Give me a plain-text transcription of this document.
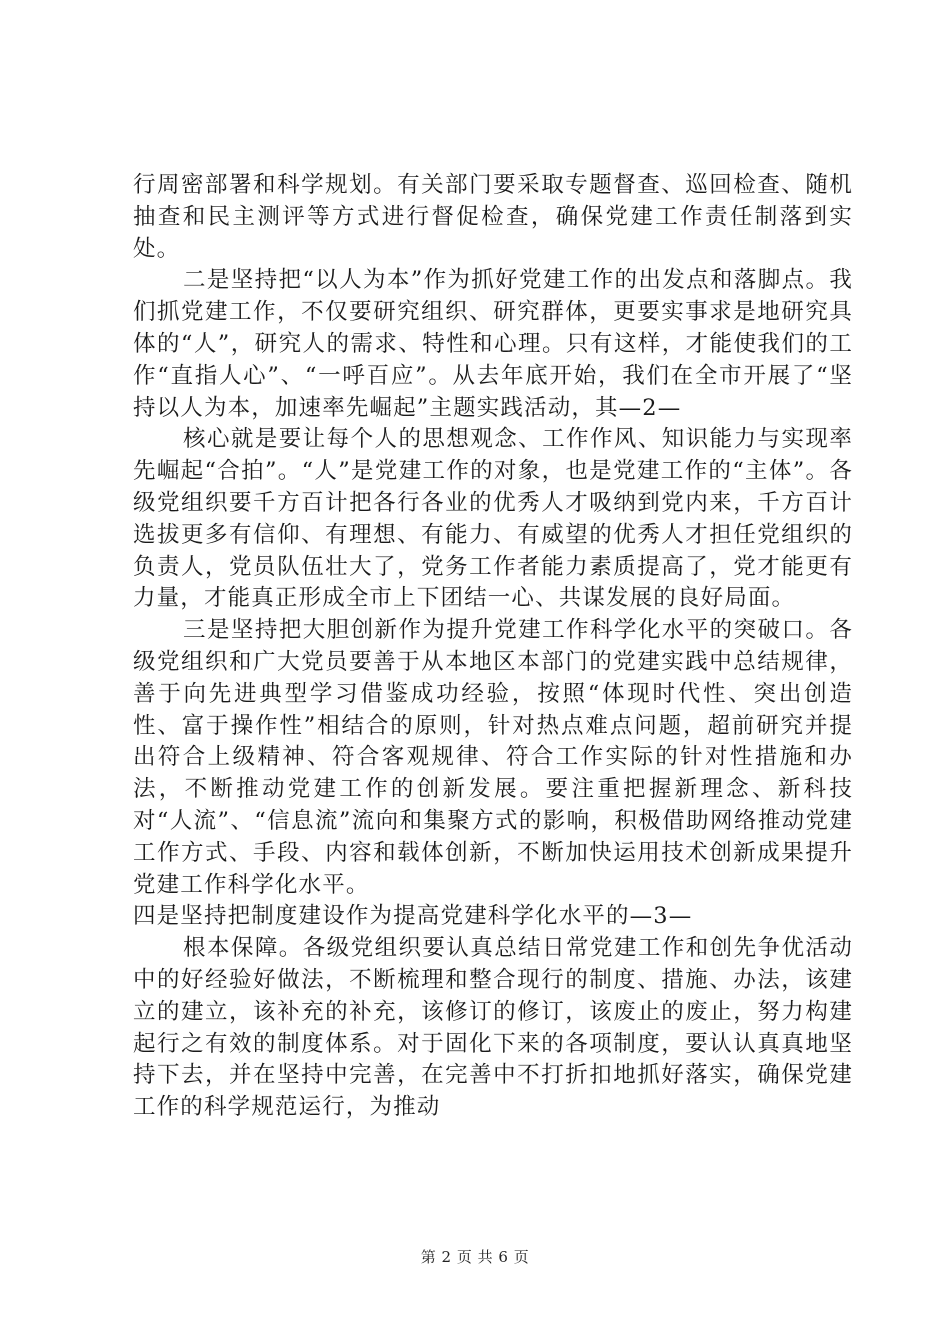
行周密部署和科学规划。有关部门要采取专题督查、巡回检查、随机抽查和民主测评等方式进行督促检查，确保党建工作责任制落到实处。

二是坚持把“以人为本”作为抓好党建工作的出发点和落脚点。我们抓党建工作，不仅要研究组织、研究群体，更要实事求是地研究具体的“人”，研究人的需求、特性和心理。只有这样，才能使我们的工作“直指人心”、“一呼百应”。从去年底开始，我们在全市开展了“坚持以人为本，加速率先崛起”主题实践活动，其—2—

核心就是要让每个人的思想观念、工作作风、知识能力与实现率先崛起“合拍”。“人”是党建工作的对象，也是党建工作的“主体”。各级党组织要千方百计把各行各业的优秀人才吸纳到党内来，千方百计选拔更多有信仰、有理想、有能力、有威望的优秀人才担任党组织的负责人，党员队伍壮大了，党务工作者能力素质提高了，党才能更有力量，才能真正形成全市上下团结一心、共谋发展的良好局面。

三是坚持把大胆创新作为提升党建工作科学化水平的突破口。各级党组织和广大党员要善于从本地区本部门的党建实践中总结规律，善于向先进典型学习借鉴成功经验，按照“体现时代性、突出创造性、富于操作性”相结合的原则，针对热点难点问题，超前研究并提出符合上级精神、符合客观规律、符合工作实际的针对性措施和办法，不断推动党建工作的创新发展。要注重把握新理念、新科技对“人流”、“信息流”流向和集聚方式的影响，积极借助网络推动党建工作方式、手段、内容和载体创新，不断加快运用技术创新成果提升党建工作科学化水平。

四是坚持把制度建设作为提高党建科学化水平的—3—

根本保障。各级党组织要认真总结日常党建工作和创先争优活动中的好经验好做法，不断梳理和整合现行的制度、措施、办法，该建立的建立，该补充的补充，该修订的修订，该废止的废止，努力构建起行之有效的制度体系。对于固化下来的各项制度，要认认真真地坚持下去，并在坚持中完善，在完善中不打折扣地抓好落实，确保党建工作的科学规范运行，为推动

第 2 页 共 6 页
